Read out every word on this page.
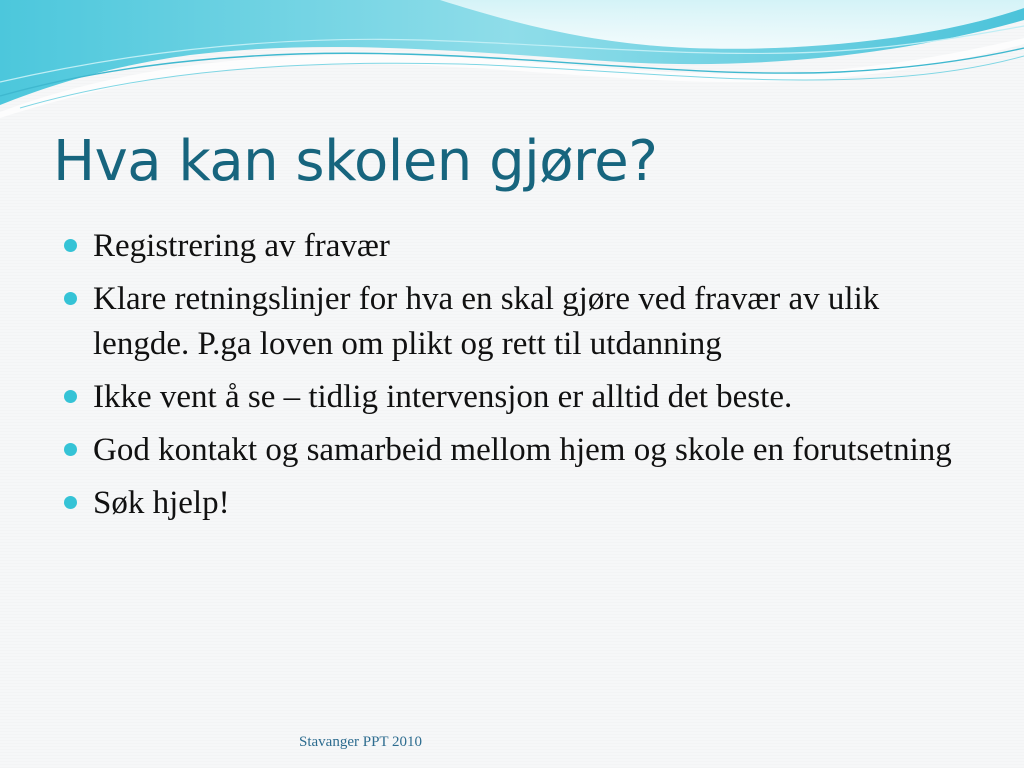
Hva kan skolen gjøre?
Registrering av fravær
Klare retningslinjer for hva en skal gjøre ved fravær av ulik lengde. P.ga loven om plikt og rett til utdanning
Ikke vent å se – tidlig intervensjon er alltid det beste.
God kontakt og samarbeid mellom hjem og skole en forutsetning
Søk hjelp!
Stavanger PPT 2010
